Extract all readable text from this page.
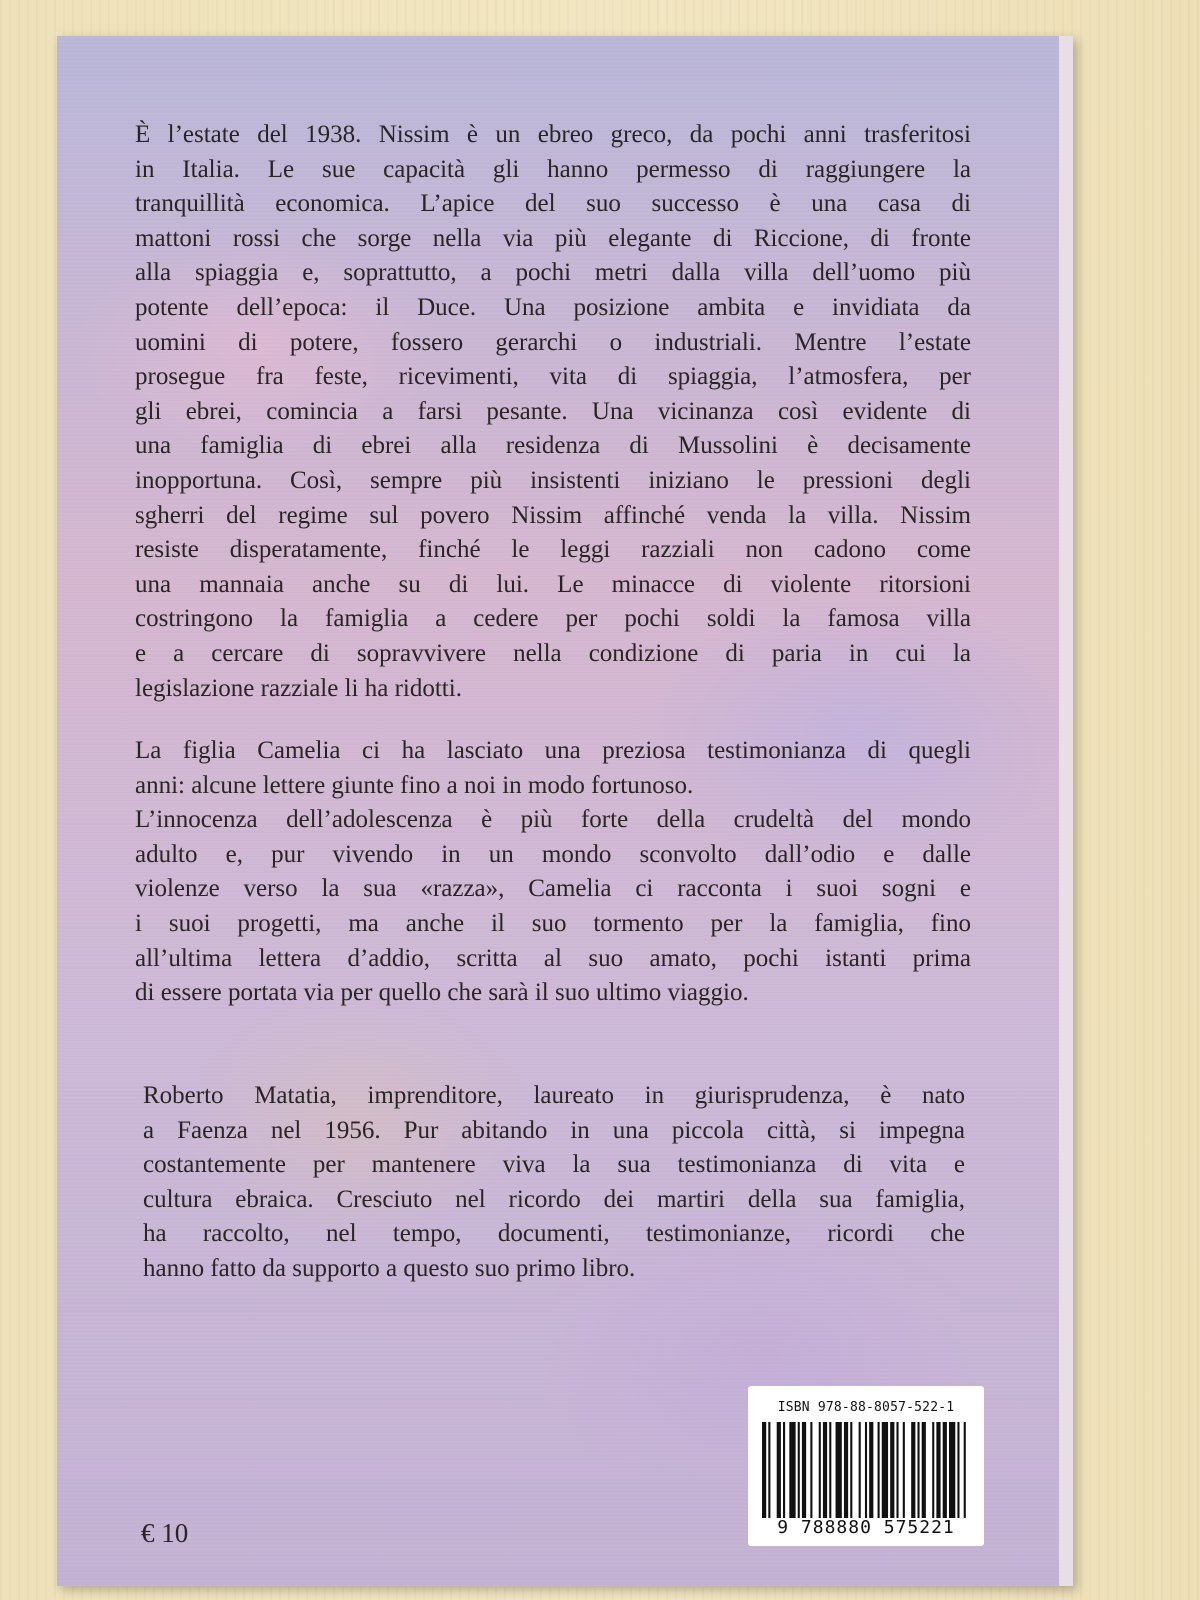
È l’estate del 1938. Nissim è un ebreo greco, da pochi anni trasferitosi
in Italia. Le sue capacità gli hanno permesso di raggiungere la
tranquillità economica. L’apice del suo successo è una casa di
mattoni rossi che sorge nella via più elegante di Riccione, di fronte
alla spiaggia e, soprattutto, a pochi metri dalla villa dell’uomo più
potente dell’epoca: il Duce. Una posizione ambita e invidiata da
uomini di potere, fossero gerarchi o industriali. Mentre l’estate
prosegue fra feste, ricevimenti, vita di spiaggia, l’atmosfera, per
gli ebrei, comincia a farsi pesante. Una vicinanza così evidente di
una famiglia di ebrei alla residenza di Mussolini è decisamente
inopportuna. Così, sempre più insistenti iniziano le pressioni degli
sgherri del regime sul povero Nissim affinché venda la villa. Nissim
resiste disperatamente, finché le leggi razziali non cadono come
una mannaia anche su di lui. Le minacce di violente ritorsioni
costringono la famiglia a cedere per pochi soldi la famosa villa
e a cercare di sopravvivere nella condizione di paria in cui la
legislazione razziale li ha ridotti.
La figlia Camelia ci ha lasciato una preziosa testimonianza di quegli
anni: alcune lettere giunte fino a noi in modo fortunoso.
L’innocenza dell’adolescenza è più forte della crudeltà del mondo
adulto e, pur vivendo in un mondo sconvolto dall’odio e dalle
violenze verso la sua «razza», Camelia ci racconta i suoi sogni e
i suoi progetti, ma anche il suo tormento per la famiglia, fino
all’ultima lettera d’addio, scritta al suo amato, pochi istanti prima
di essere portata via per quello che sarà il suo ultimo viaggio.
Roberto Matatia, imprenditore, laureato in giurisprudenza, è nato
a Faenza nel 1956. Pur abitando in una piccola città, si impegna
costantemente per mantenere viva la sua testimonianza di vita e
cultura ebraica. Cresciuto nel ricordo dei martiri della sua famiglia,
ha raccolto, nel tempo, documenti, testimonianze, ricordi che
hanno fatto da supporto a questo suo primo libro.
€ 10
ISBN 978-88-8057-522-1
9 788880 575221
